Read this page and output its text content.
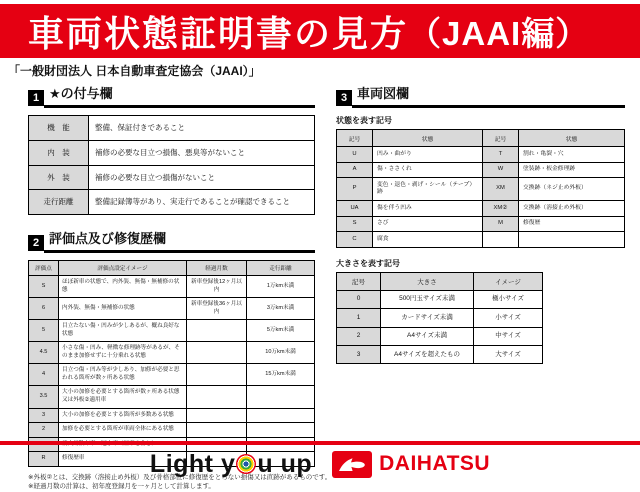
車両状態証明書の見方 （JAAI編）
「一般財団法人 日本自動車査定協会（JAAI）」
1 ★の付与欄
機　能	整備、保証付きであること
内　装	補修の必要な目立つ損傷、悪臭等がないこと
外　装	補修の必要な目立つ損傷がないこと
走行距離	整備記録簿等があり、実走行であることが確認できること
2 評価点及び修復歴欄
評価点	評価点設定イメージ	経過月数	走行距離
S	ほぼ新車の状態で、内外装、無傷・無補修の状態	新車登録後12ヶ月以内	1万km未満
6	内外装、無傷・無補修の状態	新車登録後36ヶ月以内	3万km未満
5	目立たない傷・凹みが少しあるが、概ね良好な状態		5万km未満
4.5	小さな傷・凹み、軽微な修理跡等があるが、そのまま加修せずに十分乗れる状態		10万km未満
4	目立つ傷・凹み等が少しあり、加修が必要と思われる箇所が数ヶ所ある状態		15万km未満
3.5	大小の加修を必要とする箇所が数ヶ所ある状態又は外板②適用車		
3	大小の加修を必要とする箇所が多数ある状態		
2	加修を必要とする箇所が車両全体にある状態		

R	修復歴車		
※外板②とは、交換跡（溶接止め外板）及び骨格部位に修復歴をとらない損傷又は直跡があるものです。
※経過月数の計算は、初年度登録月を一ヶ月として計算します。
3 車両図欄
状態を表す記号
記号	状態	記号	状態
U	凹み・曲がり	T	割れ・亀裂・穴
A	傷・ささくれ	W	塗装跡・板金修理跡
P	変色・退色・剥げ・シール（テープ）跡	XM	交換跡（ネジ止め外板）
UA	傷を伴う凹み	XM②	交換跡（溶接止め外板）
S	さび	M	修復歴
C	腐食		
大きさを表す記号
記号	大きさ	イメージ
0	500円玉サイズ未満	極小サイズ
1	カードサイズ未満	小サイズ
2	A4サイズ未満	中サイズ
3	A4サイズを超えたもの	大サイズ
Light y u up	DAIHATSU
